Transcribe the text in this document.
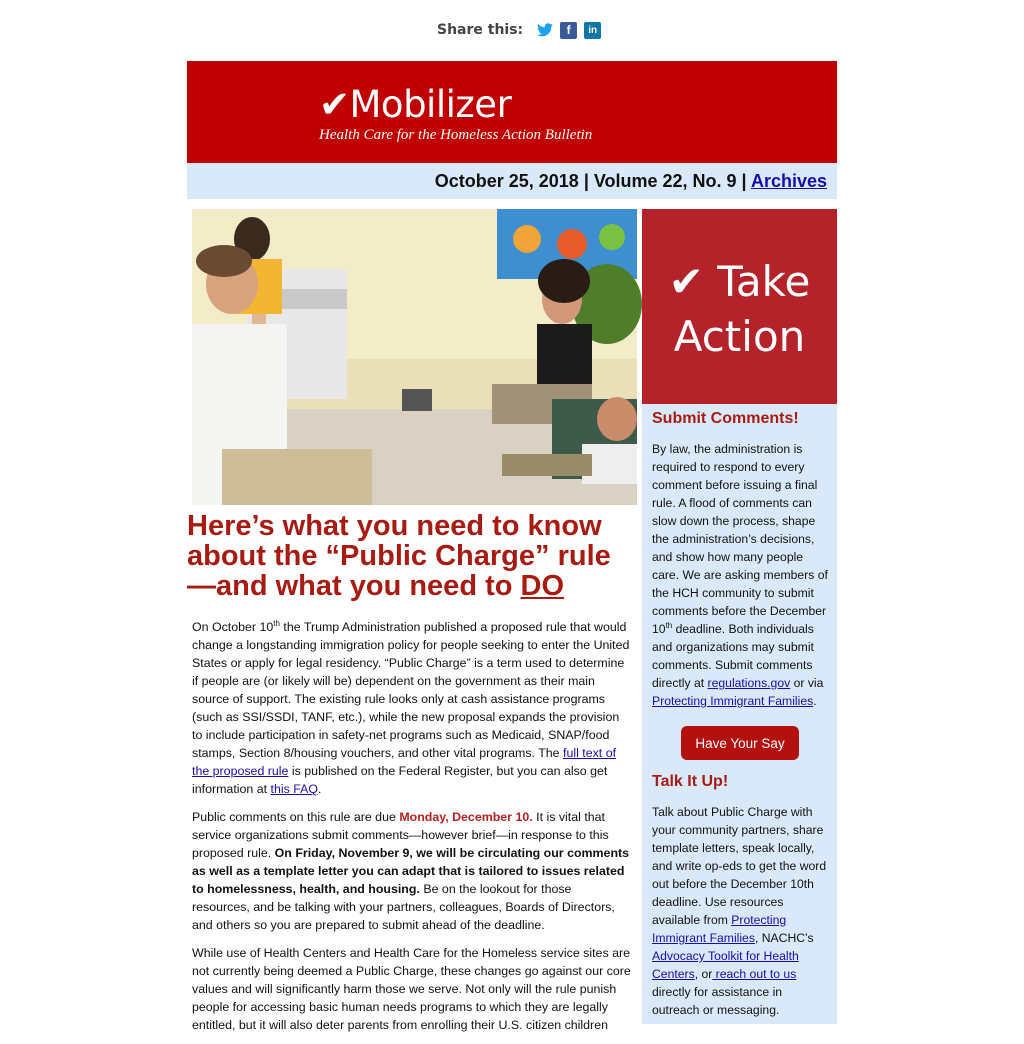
Share this:	f	in
✔Mobilizer
Health Care for the Homeless Action Bulletin
October 25, 2018 | Volume 22, No. 9 | Archives
Here’s what you need to know about the “Public Charge” rule —and what you need to DO

On October 10th the Trump Administration published a proposed rule that would change a longstanding immigration policy for people seeking to enter the United States or apply for legal residency. “Public Charge” is a term used to determine if people are (or likely will be) dependent on the government as their main source of support. The existing rule looks only at cash assistance programs (such as SSI/SSDI, TANF, etc.), while the new proposal expands the provision to include participation in safety-net programs such as Medicaid, SNAP/food stamps, Section 8/housing vouchers, and other vital programs. The full text of the proposed rule is published on the Federal Register, but you can also get information at this FAQ.

Public comments on this rule are due Monday, December 10. It is vital that service organizations submit comments—however brief—in response to this proposed rule. On Friday, November 9, we will be circulating our comments as well as a template letter you can adapt that is tailored to issues related to homelessness, health, and housing. Be on the lookout for those resources, and be talking with your partners, colleagues, Boards of Directors, and others so you are prepared to submit ahead of the deadline.

While use of Health Centers and Health Care for the Homeless service sites are not currently being deemed a Public Charge, these changes go against our core values and will significantly harm those we serve. Not only will the rule punish people for accessing basic human needs programs to which they are legally entitled, but it will also deter parents from enrolling their U.S. citizen children

✔ Take
Action
Submit Comments!
By law, the administration is required to respond to every comment before issuing a final rule. A flood of comments can slow down the process, shape the administration’s decisions, and show how many people care. We are asking members of the HCH community to submit comments before the December 10th deadline. Both individuals and organizations may submit comments. Submit comments directly at regulations.gov or via Protecting Immigrant Families.
Have Your Say
Talk It Up!
Talk about Public Charge with your community partners, share template letters, speak locally, and write op-eds to get the word out before the December 10th deadline. Use resources available from Protecting Immigrant Families, NACHC’s Advocacy Toolkit for Health Centers, or reach out to us directly for assistance in outreach or messaging.
